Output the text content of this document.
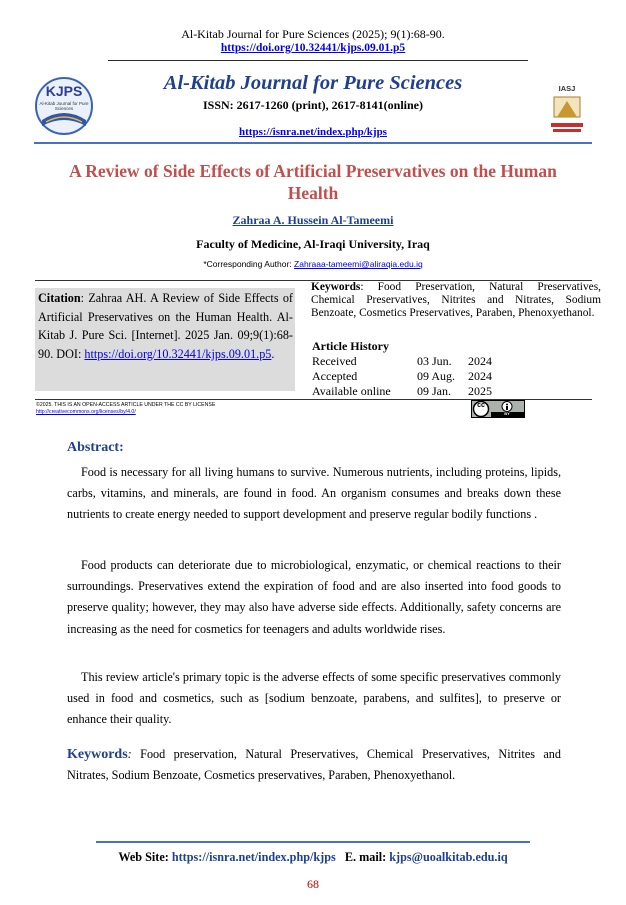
Al-Kitab Journal for Pure Sciences (2025); 9(1):68-90.
https://doi.org/10.32441/kjps.09.01.p5
KJPS
Al-Kitab Journal for Pure Sciences
IASJ
Al-Kitab Journal for Pure Sciences
ISSN: 2617-1260 (print), 2617-8141(online)
https://isnra.net/index.php/kjps
A Review of Side Effects of Artificial Preservatives on the Human Health
Zahraa A. Hussein Al-Tameemi
Faculty of Medicine, Al-Iraqi University, Iraq
*Corresponding Author: Zahraaa-tameemi@aliraqia.edu.iq
Citation: Zahraa AH. A Review of Side Effects of Artificial Preservatives on the Human Health. Al-Kitab J. Pure Sci. [Internet]. 2025 Jan. 09;9(1):68-90. DOI: https://doi.org/10.32441/kjps.09.01.p5.
Keywords: Food Preservation, Natural Preservatives, Chemical Preservatives, Nitrites and Nitrates, Sodium Benzoate, Cosmetics Preservatives, Paraben, Phenoxyethanol.
Article History
Received	03 Jun. 2024
Accepted	09 Aug. 2024
Available online 09 Jan. 2025
©2025. THIS IS AN OPEN-ACCESS ARTICLE UNDER THE CC BY LICENSE
http://creativecommons.org/licenses/by/4.0/
cc
BY
Abstract:
Food is necessary for all living humans to survive. Numerous nutrients, including proteins, lipids, carbs, vitamins, and minerals, are found in food. An organism consumes and breaks down these nutrients to create energy needed to support development and preserve regular bodily functions .
Food products can deteriorate due to microbiological, enzymatic, or chemical reactions to their surroundings. Preservatives extend the expiration of food and are also inserted into food goods to preserve quality; however, they may also have adverse side effects. Additionally, safety concerns are increasing as the need for cosmetics for teenagers and adults worldwide rises.
This review article's primary topic is the adverse effects of some specific preservatives commonly used in food and cosmetics, such as [sodium benzoate, parabens, and sulfites], to preserve or enhance their quality.
Keywords: Food preservation, Natural Preservatives, Chemical Preservatives, Nitrites and Nitrates, Sodium Benzoate, Cosmetics preservatives, Paraben, Phenoxyethanol.
Web Site: https://isnra.net/index.php/kjps   E. mail: kjps@uoalkitab.edu.iq
68
